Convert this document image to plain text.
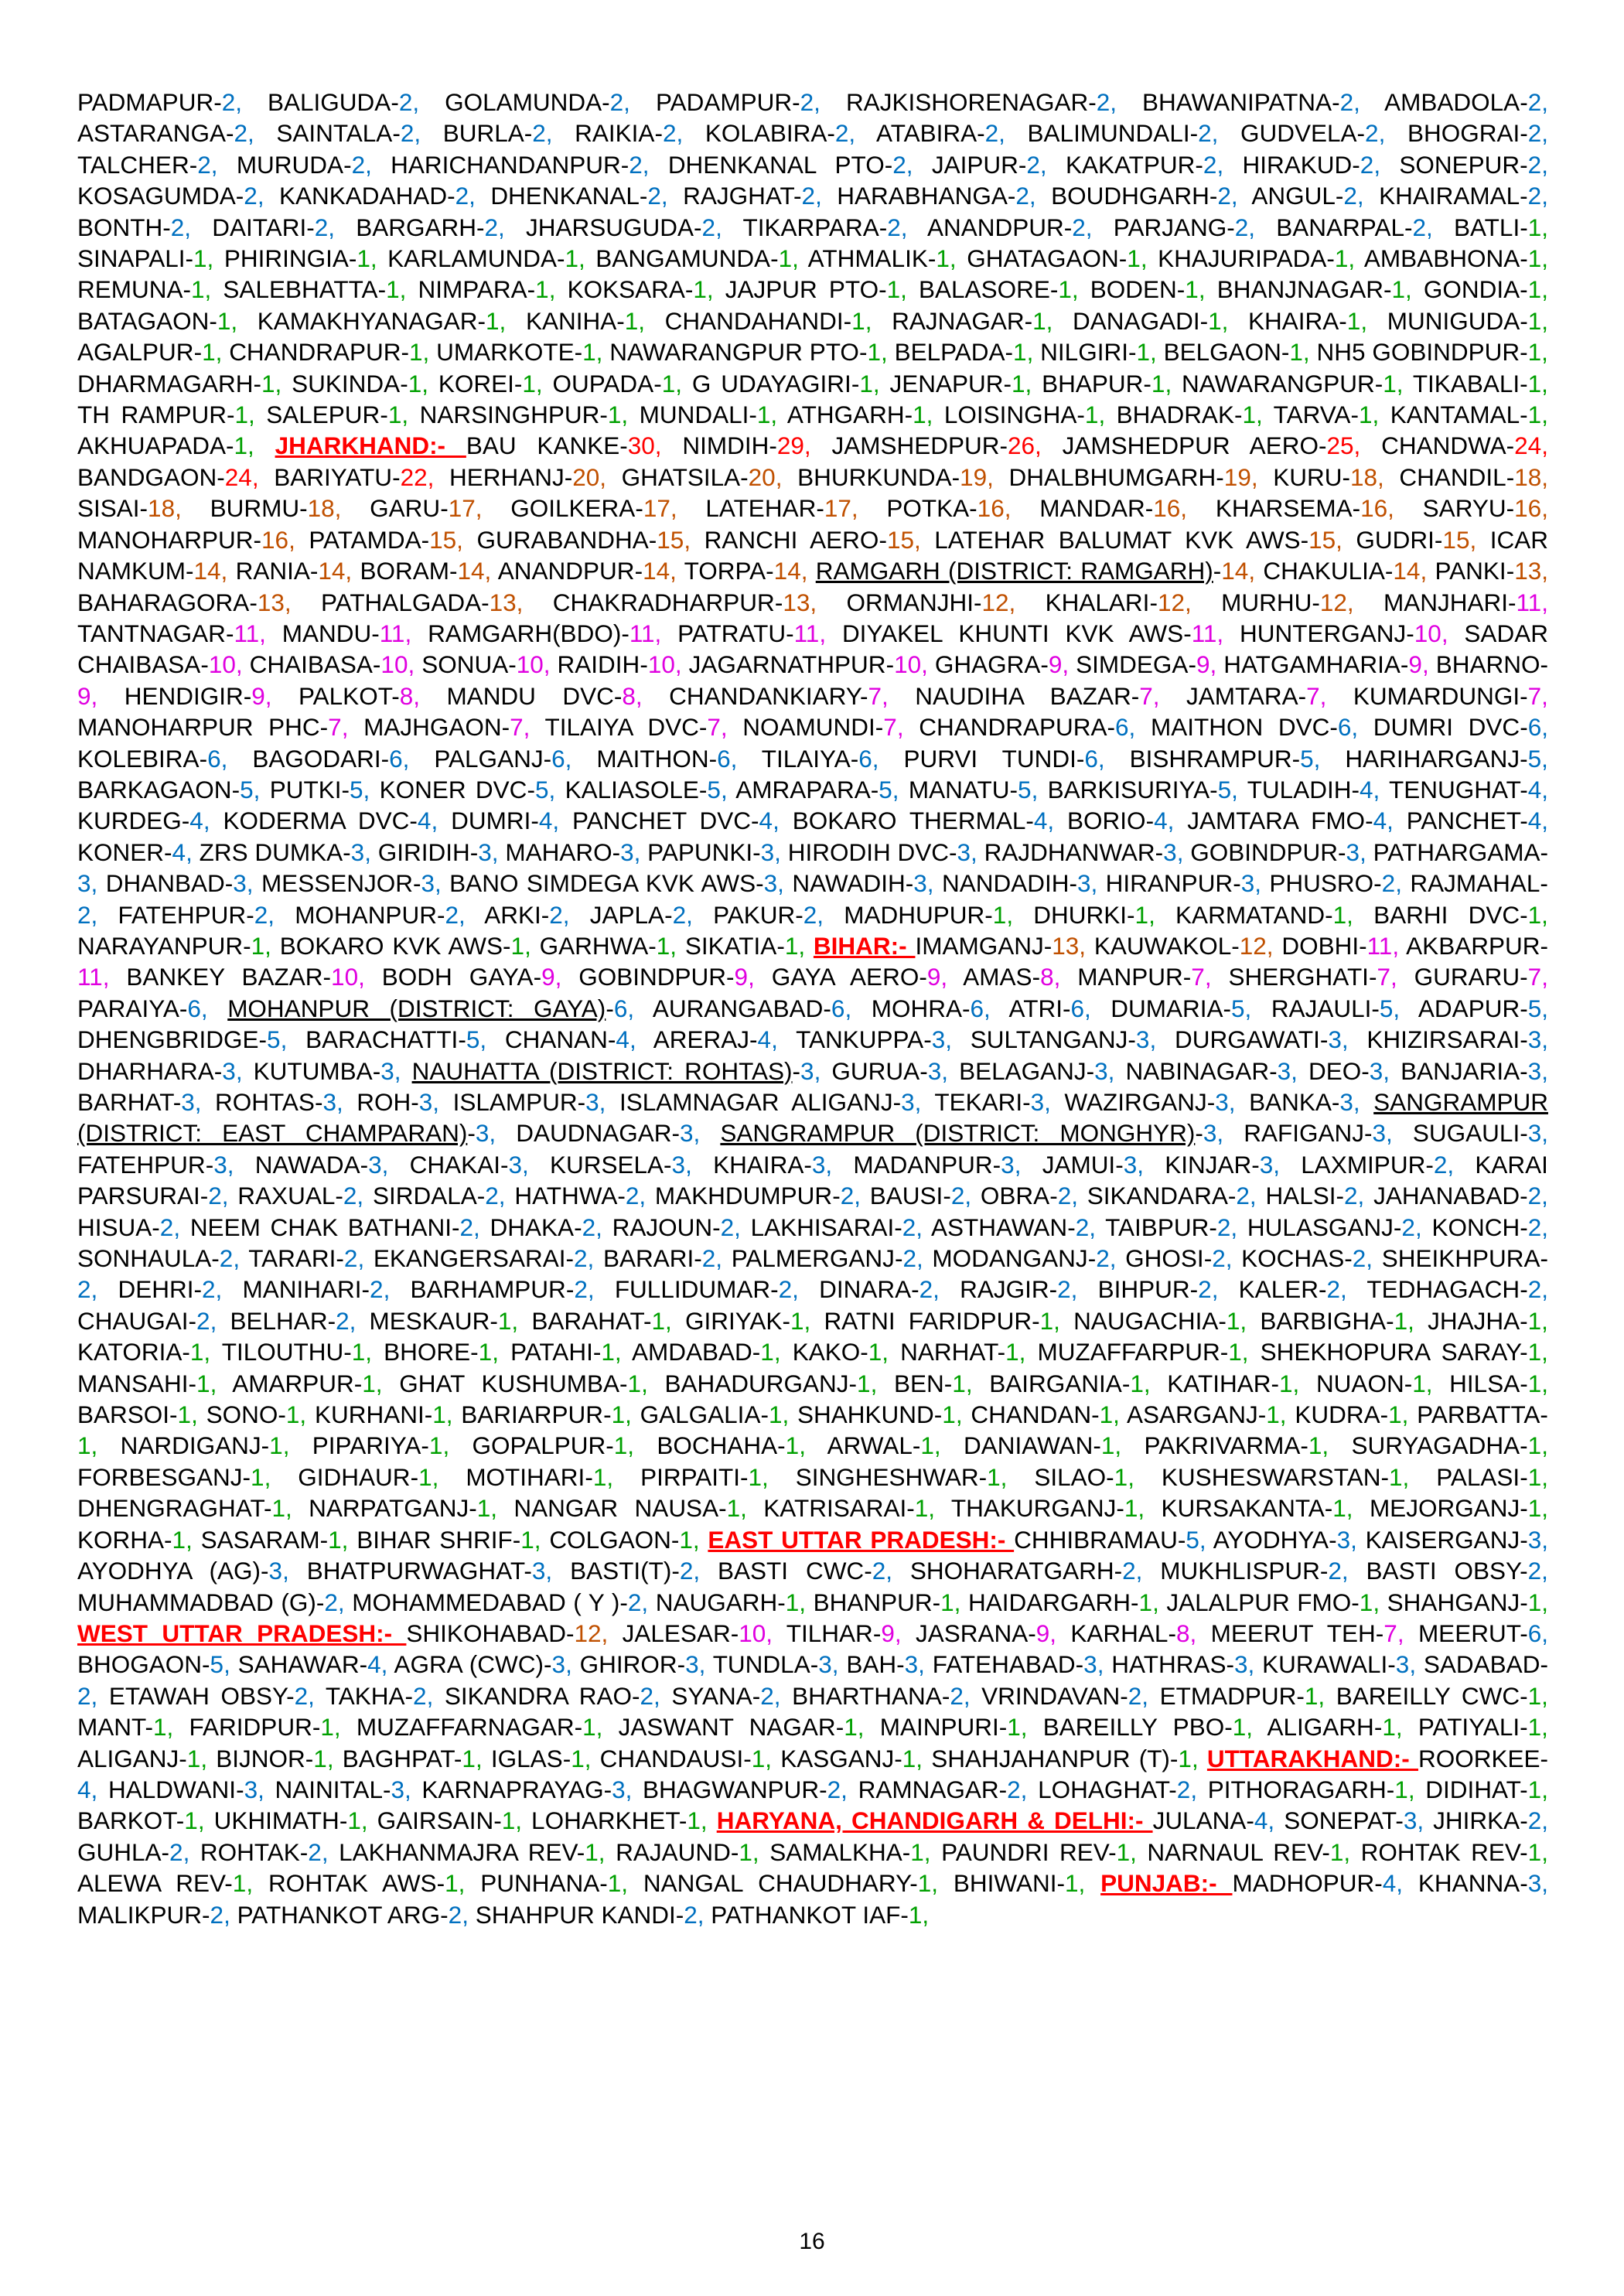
PADMAPUR-2, BALIGUDA-2, GOLAMUNDA-2, PADAMPUR-2, RAJKISHORENAGAR-2, BHAWANIPATNA-2, AMBADOLA-2, ASTARANGA-2, SAINTALA-2, BURLA-2, RAIKIA-2, KOLABIRA-2, ATABIRA-2, BALIMUNDALI-2, GUDVELA-2, BHOGRAI-2, TALCHER-2, MURUDA-2, HARICHANDANPUR-2, DHENKANAL PTO-2, JAIPUR-2, KAKATPUR-2, HIRAKUD-2, SONEPUR-2, KOSAGUMDA-2, KANKADAHAD-2, DHENKANAL-2, RAJGHAT-2, HARABHANGA-2, BOUDHGARH-2, ANGUL-2, KHAIRAMAL-2, BONTH-2, DAITARI-2, BARGARH-2, JHARSUGUDA-2, TIKARPARA-2, ANANDPUR-2, PARJANG-2, BANARPAL-2, BATLI-1, SINAPALI-1, PHIRINGIA-1, KARLAMUNDA-1, BANGAMUNDA-1, ATHMALIK-1, GHATAGAON-1, KHAJURIPADA-1, AMBABHONA-1, REMUNA-1, SALEBHATTA-1, NIMPARA-1, KOKSARA-1, JAJPUR PTO-1, BALASORE-1, BODEN-1, BHANJNAGAR-1, GONDIA-1, BATAGAON-1, KAMAKHYANAGAR-1, KANIHA-1, CHANDAHANDI-1, RAJNAGAR-1, DANAGADI-1, KHAIRA-1, MUNIGUDA-1, AGALPUR-1, CHANDRAPUR-1, UMARKOTE-1, NAWARANGPUR PTO-1, BELPADA-1, NILGIRI-1, BELGAON-1, NH5 GOBINDPUR-1, DHARMAGARH-1, SUKINDA-1, KOREI-1, OUPADA-1, G UDAYAGIRI-1, JENAPUR-1, BHAPUR-1, NAWARANGPUR-1, TIKABALI-1, TH RAMPUR-1, SALEPUR-1, NARSINGHPUR-1, MUNDALI-1, ATHGARH-1, LOISINGHA-1, BHADRAK-1, TARVA-1, KANTAMAL-1, AKHUAPADA-1, JHARKHAND:- BAU KANKE-30, NIMDIH-29, JAMSHEDPUR-26, JAMSHEDPUR AERO-25, CHANDWA-24, BANDGAON-24, BARIYATU-22, HERHANJ-20, GHATSILA-20, BHURKUNDA-19, DHALBHUMGARH-19, KURU-18, CHANDIL-18, SISAI-18, BURMU-18, GARU-17, GOILKERA-17, LATEHAR-17, POTKA-16, MANDAR-16, KHARSEMA-16, SARYU-16, MANOHARPUR-16, PATAMDA-15, GURABANDHA-15, RANCHI AERO-15, LATEHAR BALUMAT KVK AWS-15, GUDRI-15, ICAR NAMKUM-14, RANIA-14, BORAM-14, ANANDPUR-14, TORPA-14, RAMGARH (DISTRICT: RAMGARH)-14, CHAKULIA-14, PANKI-13, BAHARAGORA-13, PATHALGADA-13, CHAKRADHARPUR-13, ORMANJHI-12, KHALARI-12, MURHU-12, MANJHARI-11, TANTNAGAR-11, MANDU-11, RAMGARH(BDO)-11, PATRATU-11, DIYAKEL KHUNTI KVK AWS-11, HUNTERGANJ-10, SADAR CHAIBASA-10, CHAIBASA-10, SONUA-10, RAIDIH-10, JAGARNATHPUR-10, GHAGRA-9, SIMDEGA-9, HATGAMHARIA-9, BHARNO-9, HENDIGIR-9, PALKOT-8, MANDU DVC-8, CHANDANKIARY-7, NAUDIHA BAZAR-7, JAMTARA-7, KUMARDUNGI-7, MANOHARPUR PHC-7, MAJHGAON-7, TILAIYA DVC-7, NOAMUNDI-7, CHANDRAPURA-6, MAITHON DVC-6, DUMRI DVC-6, KOLEBIRA-6, BAGODARI-6, PALGANJ-6, MAITHON-6, TILAIYA-6, PURVI TUNDI-6, BISHRAMPUR-5, HARIHARGANJ-5, BARKAGAON-5, PUTKI-5, KONER DVC-5, KALIASOLE-5, AMRAPARA-5, MANATU-5, BARKISURIYA-5, TULADIH-4, TENUGHAT-4, KURDEG-4, KODERMA DVC-4, DUMRI-4, PANCHET DVC-4, BOKARO THERMAL-4, BORIO-4, JAMTARA FMO-4, PANCHET-4, KONER-4, ZRS DUMKA-3, GIRIDIH-3, MAHARO-3, PAPUNKI-3, HIRODIH DVC-3, RAJDHANWAR-3, GOBINDPUR-3, PATHARGAMA-3, DHANBAD-3, MESSENJOR-3, BANO SIMDEGA KVK AWS-3, NAWADIH-3, NANDADIH-3, HIRANPUR-3, PHUSRO-2, RAJMAHAL-2, FATEHPUR-2, MOHANPUR-2, ARKI-2, JAPLA-2, PAKUR-2, MADHUPUR-1, DHURKI-1, KARMATAND-1, BARHI DVC-1, NARAYANPUR-1, BOKARO KVK AWS-1, GARHWA-1, SIKATIA-1, BIHAR:- IMAMGANJ-13, KAUWAKOL-12, DOBHI-11, AKBARPUR-11, BANKEY BAZAR-10, BODH GAYA-9, GOBINDPUR-9, GAYA AERO-9, AMAS-8, MANPUR-7, SHERGHATI-7, GURARU-7, PARAIYA-6, MOHANPUR (DISTRICT: GAYA)-6, AURANGABAD-6, MOHRA-6, ATRI-6, DUMARIA-5, RAJAULI-5, ADAPUR-5, DHENGBRIDGE-5, BARACHATTI-5, CHANAN-4, ARERAJ-4, TANKUPPA-3, SULTANGANJ-3, DURGAWATI-3, KHIZIRSARAI-3, DHARHARA-3, KUTUMBA-3, NAUHATTA (DISTRICT: ROHTAS)-3, GURUA-3, BELAGANJ-3, NABINAGAR-3, DEO-3, BANJARIA-3, BARHAT-3, ROHTAS-3, ROH-3, ISLAMPUR-3, ISLAMNAGAR ALIGANJ-3, TEKARI-3, WAZIRGANJ-3, BANKA-3, SANGRAMPUR (DISTRICT: EAST CHAMPARAN)-3, DAUDNAGAR-3, SANGRAMPUR (DISTRICT: MONGHYR)-3, RAFIGANJ-3, SUGAULI-3, FATEHPUR-3, NAWADA-3, CHAKAI-3, KURSELA-3, KHAIRA-3, MADANPUR-3, JAMUI-3, KINJAR-3, LAXMIPUR-2, KARAI PARSURAI-2, RAXUAL-2, SIRDALA-2, HATHWA-2, MAKHDUMPUR-2, BAUSI-2, OBRA-2, SIKANDARA-2, HALSI-2, JAHANABAD-2, HISUA-2, NEEM CHAK BATHANI-2, DHAKA-2, RAJOUN-2, LAKHISARAI-2, ASTHAWAN-2, TAIBPUR-2, HULASGANJ-2, KONCH-2, SONHAULA-2, TARARI-2, EKANGERSARAI-2, BARARI-2, PALMERGANJ-2, MODANGANJ-2, GHOSI-2, KOCHAS-2, SHEIKHPURA-2, DEHRI-2, MANIHARI-2, BARHAMPUR-2, FULLIDUMAR-2, DINARA-2, RAJGIR-2, BIHPUR-2, KALER-2, TEDHAGACH-2, CHAUGAI-2, BELHAR-2, MESKAUR-1, BARAHAT-1, GIRIYAK-1, RATNI FARIDPUR-1, NAUGACHIA-1, BARBIGHA-1, JHAJHA-1, KATORIA-1, TILOUTHU-1, BHORE-1, PATAHI-1, AMDABAD-1, KAKO-1, NARHAT-1, MUZAFFARPUR-1, SHEKHOPURA SARAY-1, MANSAHI-1, AMARPUR-1, GHAT KUSHUMBA-1, BAHADURGANJ-1, BEN-1, BAIRGANIA-1, KATIHAR-1, NUAON-1, HILSA-1, BARSOI-1, SONO-1, KURHANI-1, BARIARPUR-1, GALGALIA-1, SHAHKUND-1, CHANDAN-1, ASARGANJ-1, KUDRA-1, PARBATTA-1, NARDIGANJ-1, PIPARIYA-1, GOPALPUR-1, BOCHAHA-1, ARWAL-1, DANIAWAN-1, PAKRIVARMA-1, SURYAGADHA-1, FORBESGANJ-1, GIDHAUR-1, MOTIHARI-1, PIRPAITI-1, SINGHESHWAR-1, SILAO-1, KUSHESWARSTAN-1, PALASI-1, DHENGRAGHAT-1, NARPATGANJ-1, NANGAR NAUSA-1, KATRISARAI-1, THAKURGANJ-1, KURSAKANTA-1, MEJORGANJ-1, KORHA-1, SASARAM-1, BIHAR SHRIF-1, COLGAON-1, EAST UTTAR PRADESH:- CHHIBRAMAU-5, AYODHYA-3, KAISERGANJ-3, AYODHYA (AG)-3, BHATPURWAGHAT-3, BASTI(T)-2, BASTI CWC-2, SHOHARATGARH-2, MUKHLISPUR-2, BASTI OBSY-2, MUHAMMADBAD (G)-2, MOHAMMEDABAD ( Y )-2, NAUGARH-1, BHANPUR-1, HAIDARGARH-1, JALALPUR FMO-1, SHAHGANJ-1, WEST UTTAR PRADESH:- SHIKOHABAD-12, JALESAR-10, TILHAR-9, JASRANA-9, KARHAL-8, MEERUT TEH-7, MEERUT-6, BHOGAON-5, SAHAWAR-4, AGRA (CWC)-3, GHIROR-3, TUNDLA-3, BAH-3, FATEHABAD-3, HATHRAS-3, KURAWALI-3, SADABAD-2, ETAWAH OBSY-2, TAKHA-2, SIKANDRA RAO-2, SYANA-2, BHARTHANA-2, VRINDAVAN-2, ETMADPUR-1, BAREILLY CWC-1, MANT-1, FARIDPUR-1, MUZAFFARNAGAR-1, JASWANT NAGAR-1, MAINPURI-1, BAREILLY PBO-1, ALIGARH-1, PATIYALI-1, ALIGANJ-1, BIJNOR-1, BAGHPAT-1, IGLAS-1, CHANDAUSI-1, KASGANJ-1, SHAHJAHANPUR (T)-1, UTTARAKHAND:- ROORKEE-4, HALDWANI-3, NAINITAL-3, KARNAPRAYAG-3, BHAGWANPUR-2, RAMNAGAR-2, LOHAGHAT-2, PITHORAGARH-1, DIDIHAT-1, BARKOT-1, UKHIMATH-1, GAIRSAIN-1, LOHARKHET-1, HARYANA, CHANDIGARH & DELHI:- JULANA-4, SONEPAT-3, JHIRKA-2, GUHLA-2, ROHTAK-2, LAKHANMAJRA REV-1, RAJAUND-1, SAMALKHA-1, PAUNDRI REV-1, NARNAUL REV-1, ROHTAK REV-1, ALEWA REV-1, ROHTAK AWS-1, PUNHANA-1, NANGAL CHAUDHARY-1, BHIWANI-1, PUNJAB:- MADHOPUR-4, KHANNA-3, MALIKPUR-2, PATHANKOT ARG-2, SHAHPUR KANDI-2, PATHANKOT IAF-1,
16
